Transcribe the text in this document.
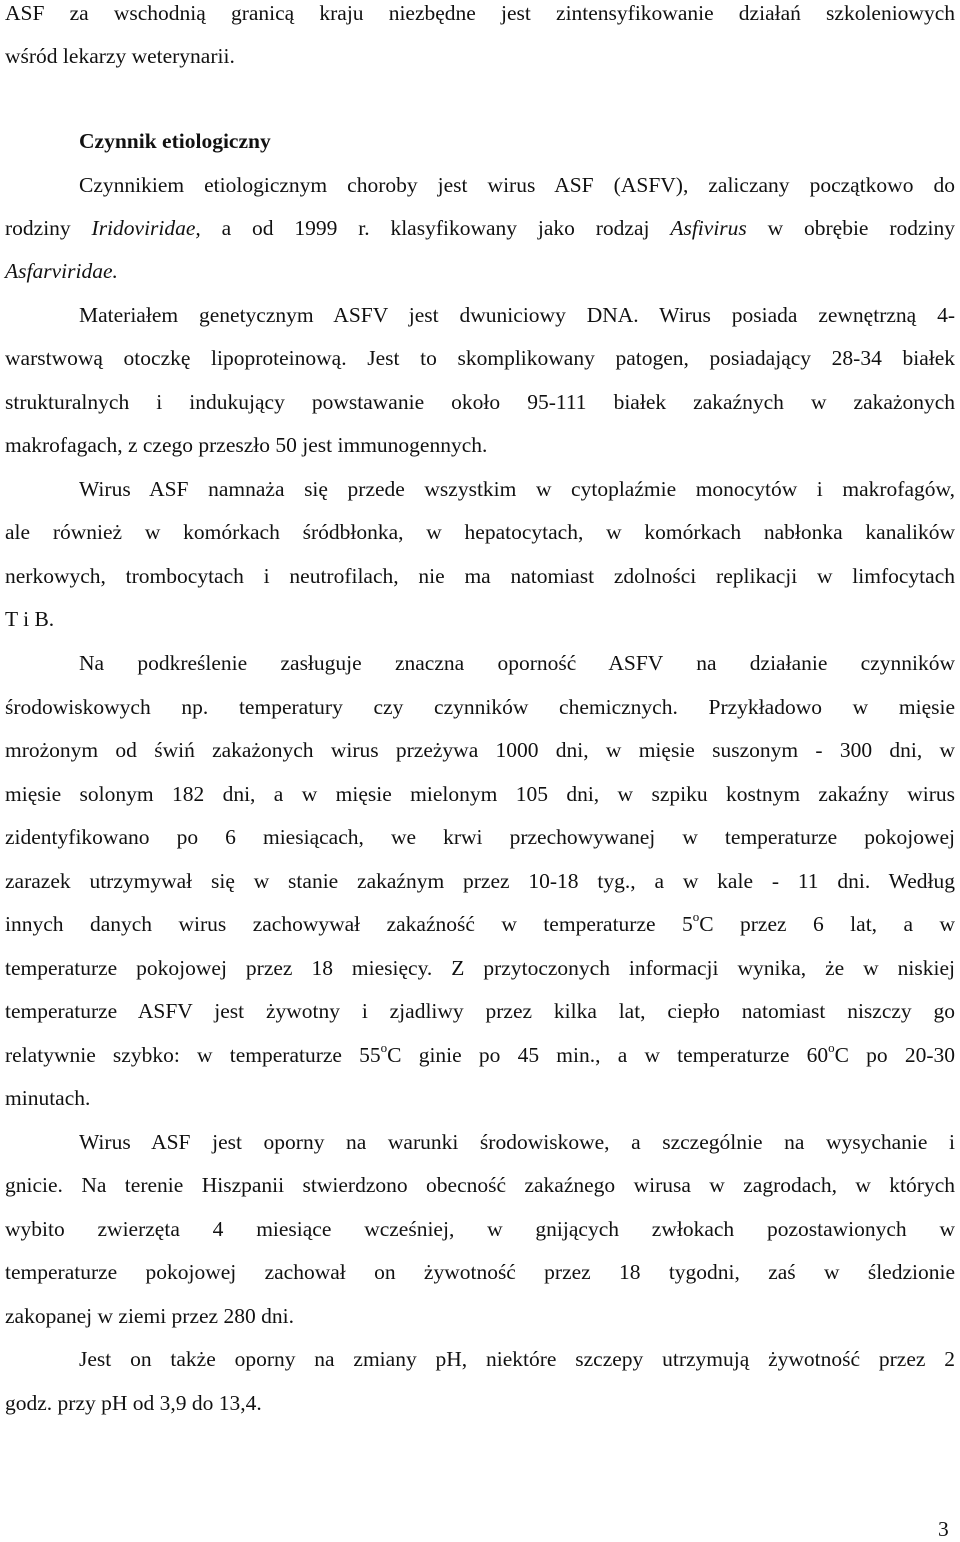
ASF za wschodnią granicą kraju niezbędne jest zintensyfikowanie działań szkoleniowych
wśród lekarzy weterynarii.
Czynnik etiologiczny
Czynnikiem etiologicznym choroby jest wirus ASF (ASFV), zaliczany początkowo do
rodziny Iridoviridae, a od 1999 r. klasyfikowany jako rodzaj Asfivirus w obrębie rodziny
Asfarviridae.
Materiałem genetycznym ASFV jest dwuniciowy DNA. Wirus posiada zewnętrzną 4-
warstwową otoczkę lipoproteinową. Jest to skomplikowany patogen, posiadający 28-34 białek
strukturalnych i indukujący powstawanie około 95-111 białek zakaźnych w zakażonych
makrofagach, z czego przeszło 50 jest immunogennych.
Wirus ASF namnaża się przede wszystkim w cytoplaźmie monocytów i makrofagów,
ale również w komórkach śródbłonka, w hepatocytach, w komórkach nabłonka kanalików
nerkowych, trombocytach i neutrofilach, nie ma natomiast zdolności replikacji w limfocytach
T i B.
Na podkreślenie zasługuje znaczna oporność ASFV na działanie czynników
środowiskowych np. temperatury czy czynników chemicznych. Przykładowo w mięsie
mrożonym od świń zakażonych wirus przeżywa 1000 dni, w mięsie suszonym - 300 dni, w
mięsie solonym 182 dni, a w mięsie mielonym 105 dni, w szpiku kostnym zakaźny wirus
zidentyfikowano po 6 miesiącach, we krwi przechowywanej w temperaturze pokojowej
zarazek utrzymywał się w stanie zakaźnym przez 10-18 tyg., a w kale - 11 dni. Według
innych danych wirus zachowywał zakaźność w temperaturze 5$^o$C przez 6 lat, a w
temperaturze pokojowej przez 18 miesięcy. Z przytoczonych informacji wynika, że w niskiej
temperaturze ASFV jest żywotny i zjadliwy przez kilka lat, ciepło natomiast niszczy go
relatywnie szybko: w temperaturze 55$^o$C ginie po 45 min., a w temperaturze 60$^o$C po 20-30
minutach.
Wirus ASF jest oporny na warunki środowiskowe, a szczególnie na wysychanie i
gnicie. Na terenie Hiszpanii stwierdzono obecność zakaźnego wirusa w zagrodach, w których
wybito zwierzęta 4 miesiące wcześniej, w gnijących zwłokach pozostawionych w
temperaturze pokojowej zachował on żywotność przez 18 tygodni, zaś w śledzionie
zakopanej w ziemi przez 280 dni.
Jest on także oporny na zmiany pH, niektóre szczepy utrzymują żywotność przez 2
godz. przy pH od 3,9 do 13,4.
3
